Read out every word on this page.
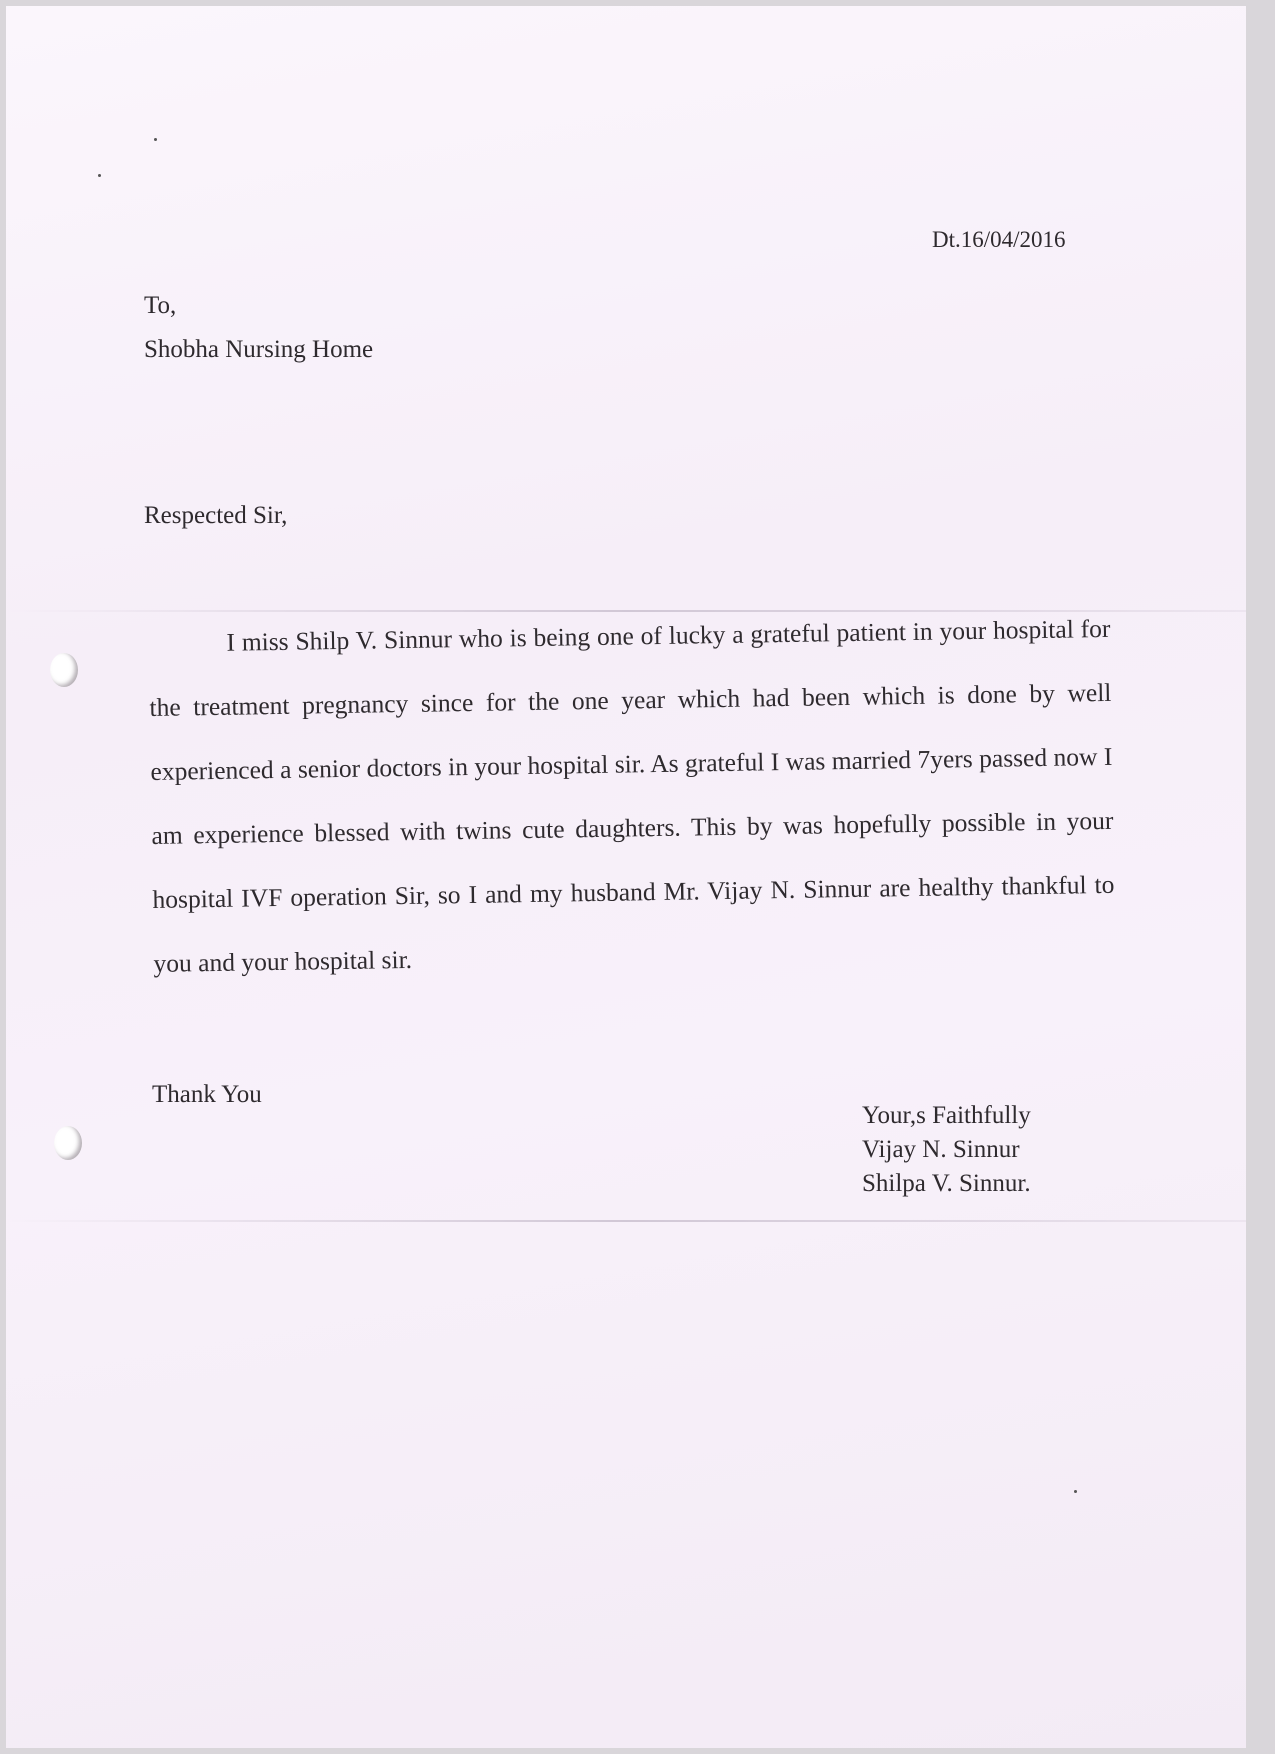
Dt.16/04/2016
To,
Shobha Nursing Home
Respected Sir,
I miss Shilp V. Sinnur who is being one of lucky a grateful patient in your hospital for the treatment pregnancy since for the one year which had been which is done by well experienced a senior doctors in your hospital sir. As grateful I was married 7yers passed now I am experience blessed with twins cute daughters. This by was hopefully possible in your hospital IVF operation Sir, so I and my husband Mr. Vijay N. Sinnur are healthy thankful to you and your hospital sir.
Thank You
Your,s Faithfully
Vijay N. Sinnur
Shilpa V. Sinnur.
